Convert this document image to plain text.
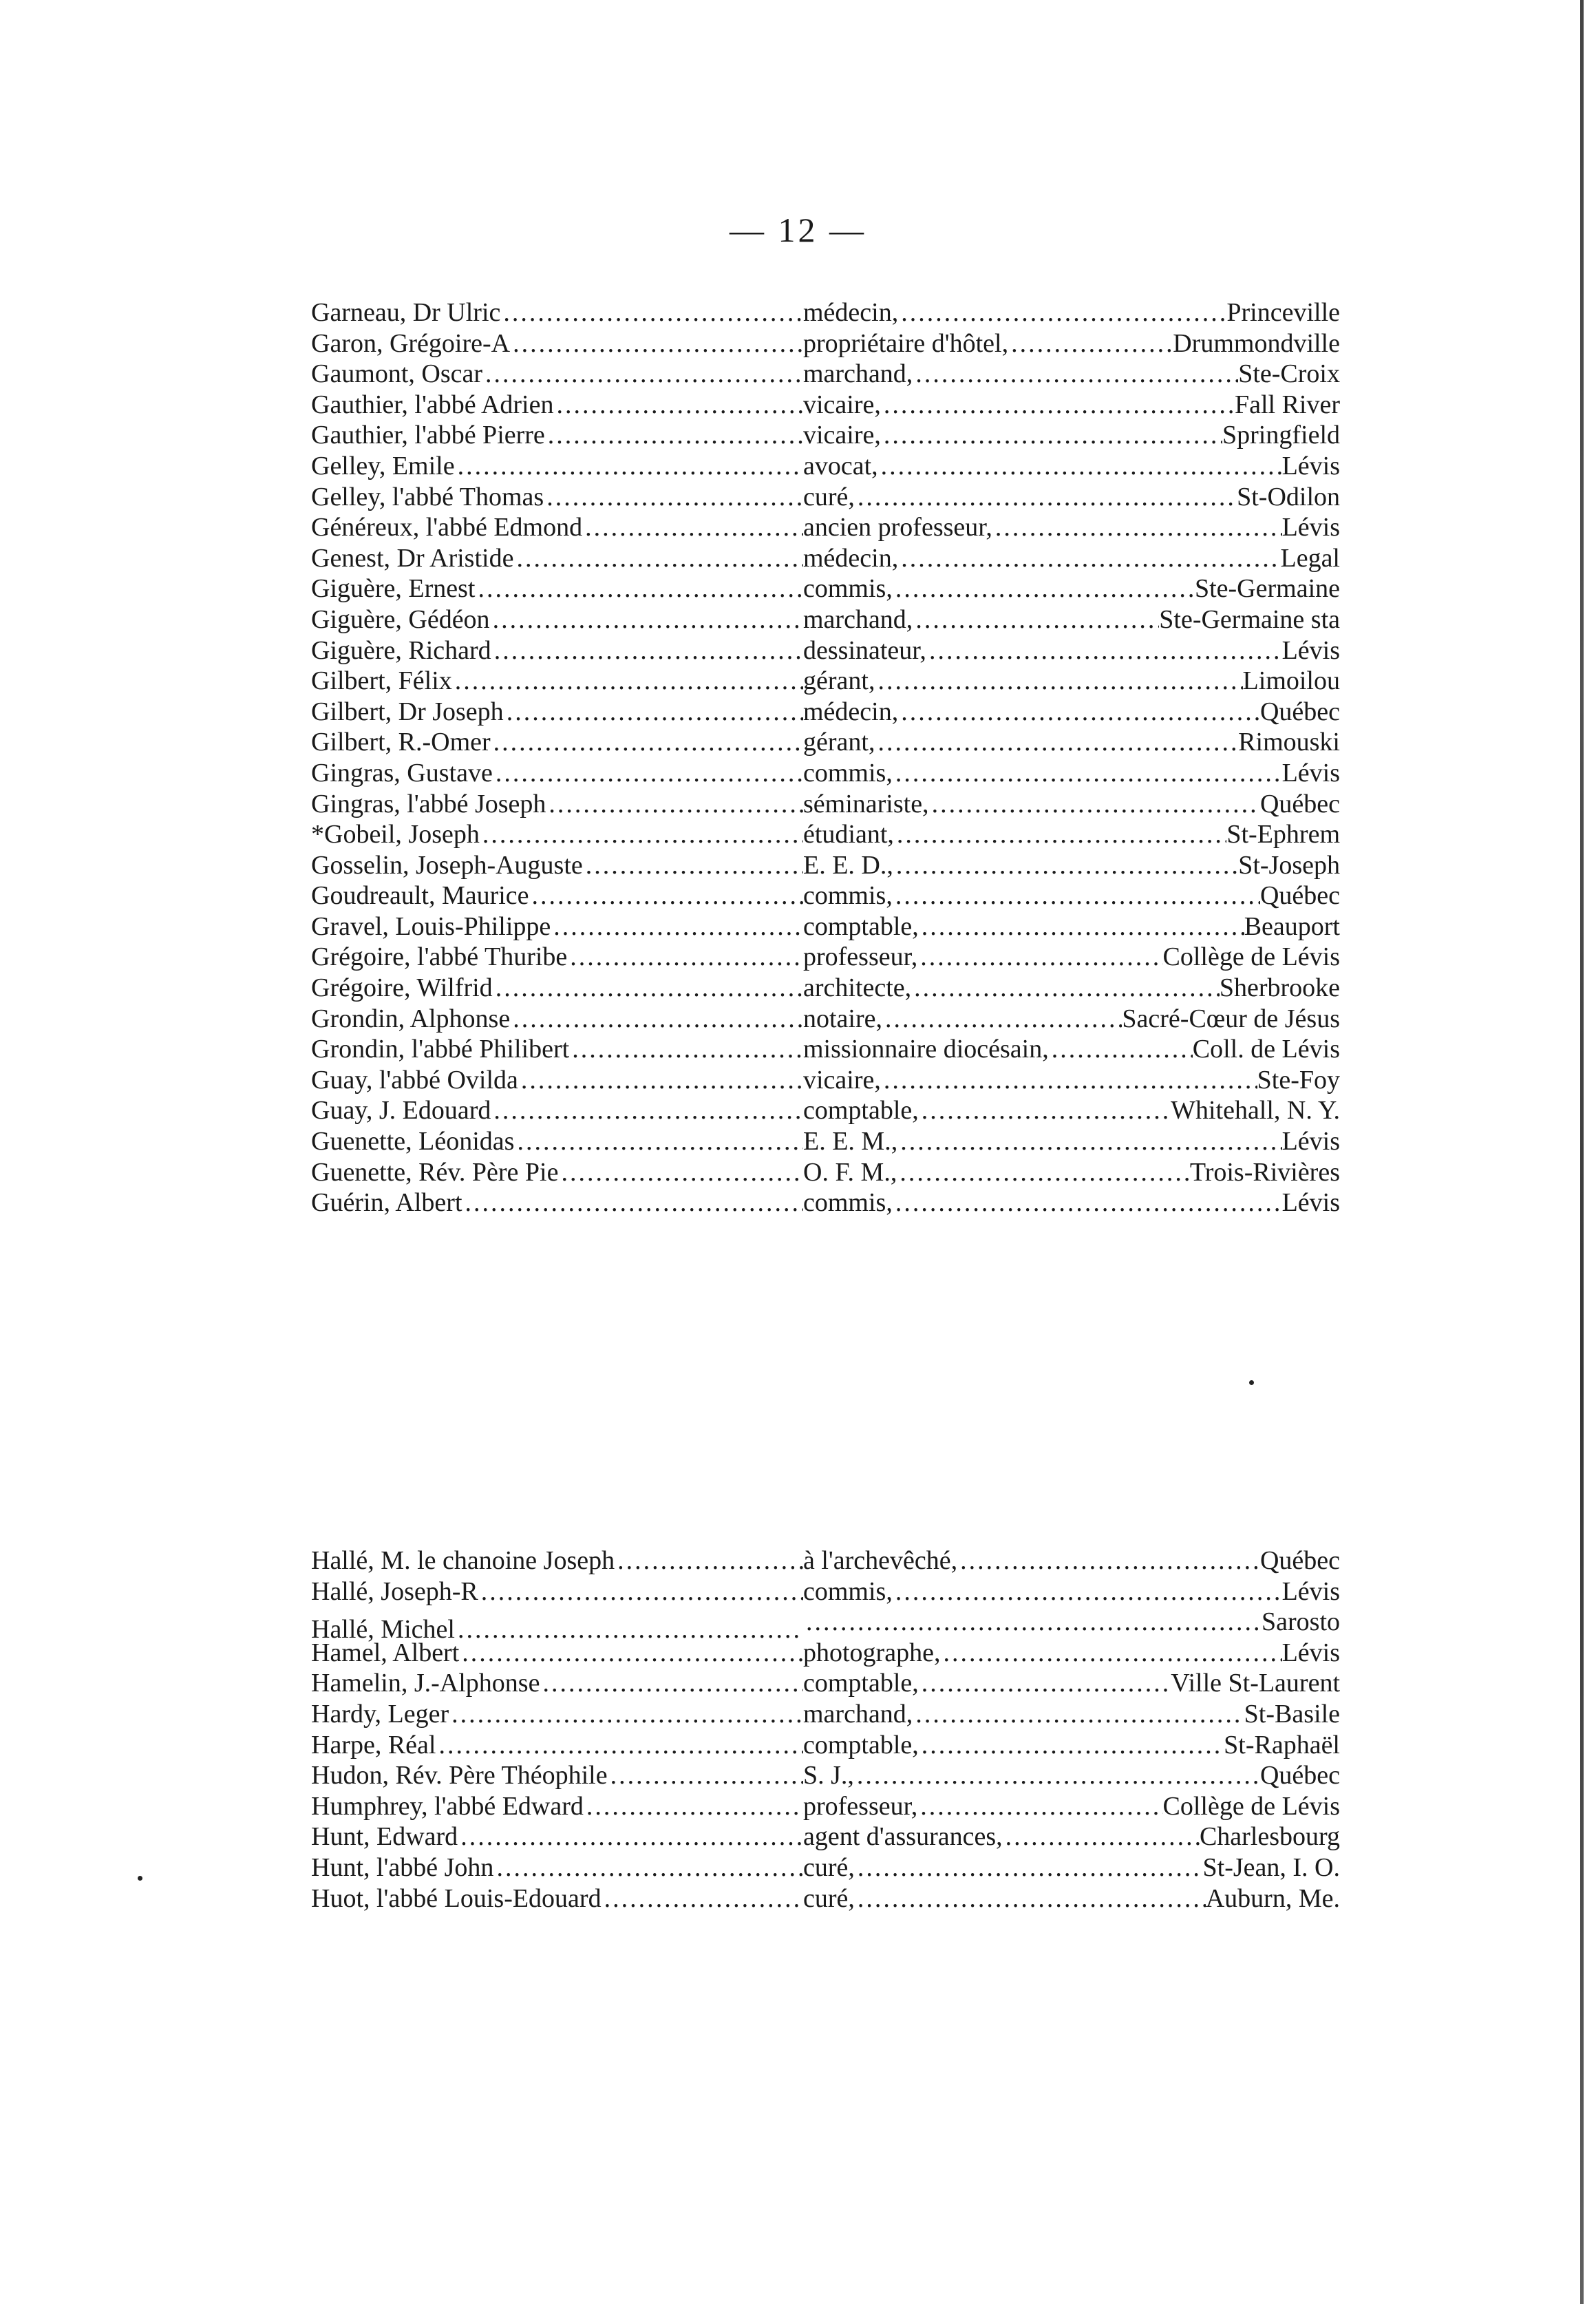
— 12 —
Garneau, Dr Ulric .....	médecin, .....	Princeville
Garon, Grégoire-A .....	propriétaire d'hôtel, .....	Drummondville
Gaumont, Oscar .....	marchand, .....	Ste-Croix
Gauthier, l'abbé Adrien .....	vicaire, .....	Fall River
Gauthier, l'abbé Pierre .....	vicaire, .....	Springfield
Gelley, Emile .....	avocat, .....	Lévis
Gelley, l'abbé Thomas .....	curé, .....	St-Odilon
Généreux, l'abbé Edmond .....	ancien professeur, .....	Lévis
Genest, Dr Aristide .....	médecin, .....	Legal
Giguère, Ernest .....	commis, .....	Ste-Germaine
Giguère, Gédéon .....	marchand, .....	Ste-Germaine sta
Giguère, Richard .....	dessinateur, .....	Lévis
Gilbert, Félix .....	gérant, .....	Limoilou
Gilbert, Dr Joseph .....	médecin, .....	Québec
Gilbert, R.-Omer .....	gérant, .....	Rimouski
Gingras, Gustave .....	commis, .....	Lévis
Gingras, l'abbé Joseph .....	séminariste, .....	Québec
*Gobeil, Joseph .....	étudiant, .....	St-Ephrem
Gosselin, Joseph-Auguste .....	E. E. D., .....	St-Joseph
Goudreault, Maurice .....	commis, .....	Québec
Gravel, Louis-Philippe .....	comptable, .....	Beauport
Grégoire, l'abbé Thuribe .....	professeur, .....	Collège de Lévis
Grégoire, Wilfrid .....	architecte, .....	Sherbrooke
Grondin, Alphonse .....	notaire, .....	Sacré-Cœur de Jésus
Grondin, l'abbé Philibert .....	missionnaire diocésain, .....	Coll. de Lévis
Guay, l'abbé Ovilda .....	vicaire, .....	Ste-Foy
Guay, J. Edouard .....	comptable, .....	Whitehall, N. Y.
Guenette, Léonidas .....	E. E. M., .....	Lévis
Guenette, Rév. Père Pie .....	O. F. M., .....	Trois-Rivières
Guérin, Albert .....	commis, .....	Lévis
Hallé, M. le chanoine Joseph .....	à l'archevêché, .....	Québec
Hallé, Joseph-R .....	commis, .....	Lévis
Hallé, Michel ..... .....	Sarosto
Hamel, Albert .....	photographe, .....	Lévis
Hamelin, J.-Alphonse .....	comptable, .....	Ville St-Laurent
Hardy, Leger .....	marchand, .....	St-Basile
Harpe, Réal .....	comptable, .....	St-Raphaël
Hudon, Rév. Père Théophile .....	S. J., .....	Québec
Humphrey, l'abbé Edward .....	professeur, .....	Collège de Lévis
Hunt, Edward .....	agent d'assurances, .....	Charlesbourg
Hunt, l'abbé John .....	curé, .....	St-Jean, I. O.
Huot, l'abbé Louis-Edouard .....	curé, .....	Auburn, Me.
